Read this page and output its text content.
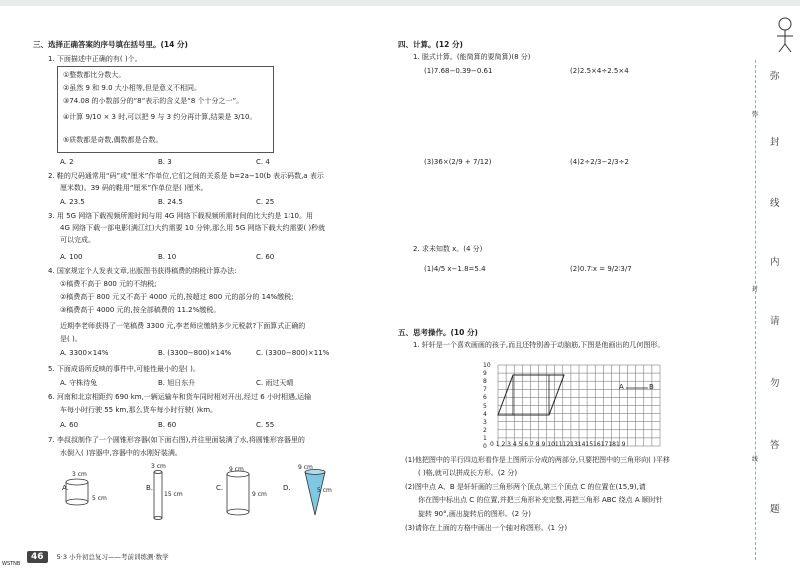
三、选择正确答案的序号填在括号里。(14 分)
1. 下面描述中正确的有( )个。
①整数都比分数大。
②虽然 9 和 9.0 大小相等,但是意义不相同。
③74.08 的小数部分的“8”表示的含义是“8 个十分之一”。
④计算 9/10 × 3 时,可以把 9 与 3 约分再计算,结果是 3/10。
⑤质数都是奇数,偶数都是合数。
A. 2	B. 3	C. 4
2. 鞋的尺码通常用“码”或“厘米”作单位,它们之间的关系是 b=2a−10(b 表示码数,a 表示
厘米数)。39 码的鞋用“厘米”作单位是( )厘米。
A. 23.5	B. 24.5	C. 25
3. 用 5G 网络下载视频所需时间与用 4G 网络下载视频所需时间的比大约是 1∶10。用
4G 网络下载一部电影(满江红)大约需要 10 分钟,那么用 5G 网络下载大约需要( )秒就
可以完成。
A. 100	B. 10	C. 60
4. 国家规定个人发表文章,出版图书获得稿费的纳税计算办法:
①稿费不高于 800 元的不纳税;
②稿费高于 800 元又不高于 4000 元的,按超过 800 元的部分的 14%缴税;
③稿费高于 4000 元的,按全部稿费的 11.2%缴税。
近期李老师获得了一笔稿费 3300 元,李老师应缴纳多少元税款?下面算式正确的
是( )。
A. 3300×14%	B. (3300−800)×14%	C. (3300−800)×11%
5. 下面成语所反映的事件中,可能性最小的是( )。
A. 守株待兔	B. 旭日东升	C. 雨过天晴
6. 河南和北京相距约 690 km,一辆运输车和货车同时相对开出,经过 6 小时相遇,运输
车每小时行驶 55 km,那么货车每小时行驶( )km。
A. 60	B. 60	C. 55
7. 李叔叔制作了一个圆锥形容器(如下面右图),并往里面装满了水,将圆锥形容器里的
水倒入( )容器中,容器中的水刚好装满。
A.	B.	C.	D.
3 cm
5 cm
3 cm
15 cm
9 cm
9 cm
9 cm
5 cm
四、计算。(12 分)
1. 脱式计算。(能简算的要简算)(8 分)
(1)7.68−0.39−0.61	(2)2.5×4÷2.5×4
(3)36×(2/9 + 7/12)	(4)2÷2/3−2/3÷2
2. 求未知数 x。(4 分)
(1)4/5 x−1.8=5.4	(2)0.7∶x = 9/2∶3/7
五、思考操作。(10 分)
1. 轩轩是一个喜欢画画的孩子,而且还特别善于动脑筋,下图是他画出的几何图形。
A	B
10
9
8
7
6
5
4
3
2
1
0 0 1 2 3 4 5 6 7 8 9 1011121314151617181 9
(1)他把图中的平行四边形看作是上图所示分成的两部分,只要把图中的三角形向( )平移
( )格,就可以拼成长方形。(2 分)
(2)图中点 A、B 是轩轩画的三角形两个顶点,第三个顶点 C 的位置在(15,9),请
你在图中标出点 C 的位置,并把三角形补充完整,再把三角形 ABC 绕点 A 顺时针
旋转 90°,画出旋转后的图形。(2 分)
(3)请你在上面的方格中画出一个轴对称图形。(1 分)
弥
封
线
内
请
勿
答
题
弥
封
线
46 5·3 小升初总复习——考前训练测·数学
WSTNB
